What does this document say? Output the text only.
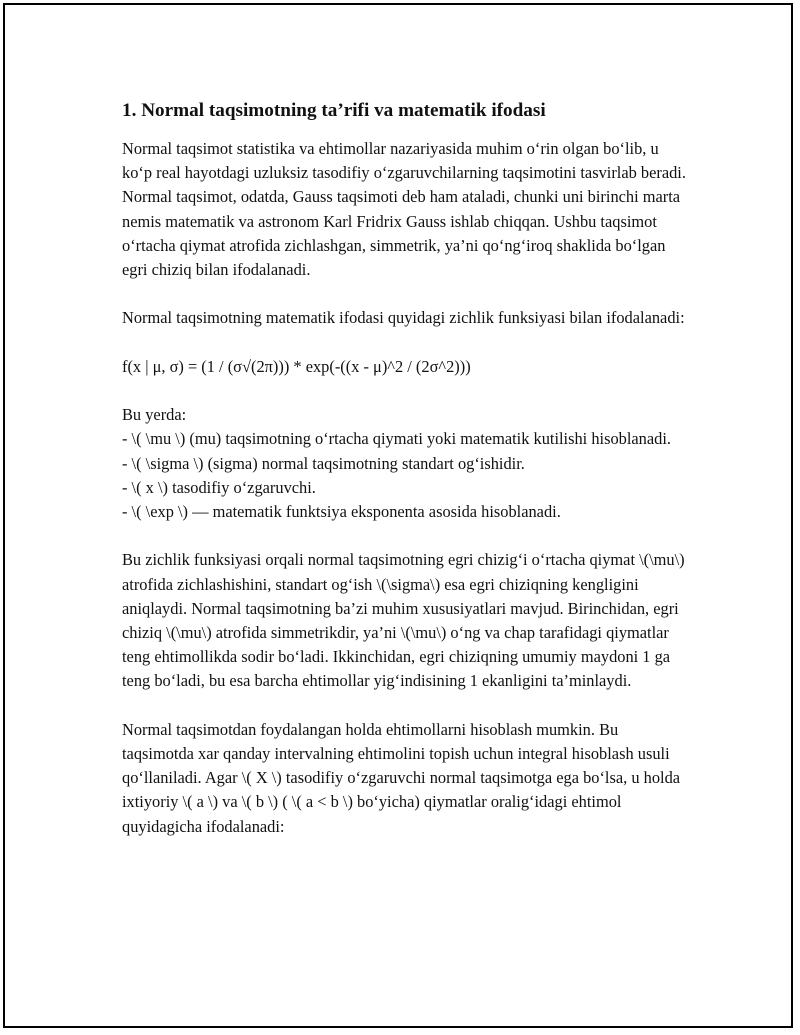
1. Normal taqsimotning ta’rifi va matematik ifodasi

Normal taqsimot statistika va ehtimollar nazariyasida muhim o‘rin olgan bo‘lib, u ko‘p real hayotdagi uzluksiz tasodifiy o‘zgaruvchilarning taqsimotini tasvirlab beradi. Normal taqsimot, odatda, Gauss taqsimoti deb ham ataladi, chunki uni birinchi marta nemis matematik va astronom Karl Fridrix Gauss ishlab chiqqan. Ushbu taqsimot o‘rtacha qiymat atrofida zichlashgan, simmetrik, ya’ni qo‘ng‘iroq shaklida bo‘lgan egri chiziq bilan ifodalanadi.

Normal taqsimotning matematik ifodasi quyidagi zichlik funksiyasi bilan ifodalanadi:

f(x | μ, σ) = (1 / (σ√(2π))) * exp(-((x - μ)^2 / (2σ^2)))
Bu yerda:
- \( \mu \) (mu) taqsimotning o‘rtacha qiymati yoki matematik kutilishi hisoblanadi.
- \( \sigma \) (sigma) normal taqsimotning standart og‘ishidir.
- \( x \) tasodifiy o‘zgaruvchi.
- \( \exp \) — matematik funktsiya eksponenta asosida hisoblanadi.

Bu zichlik funksiyasi orqali normal taqsimotning egri chizig‘i o‘rtacha qiymat \(\mu\) atrofida zichlashishini, standart og‘ish \(\sigma\) esa egri chiziqning kengligini aniqlaydi. Normal taqsimotning ba’zi muhim xususiyatlari mavjud. Birinchidan, egri chiziq \(\mu\) atrofida simmetrikdir, ya’ni \(\mu\) o‘ng va chap tarafidagi qiymatlar teng ehtimollikda sodir bo‘ladi. Ikkinchidan, egri chiziqning umumiy maydoni 1 ga teng bo‘ladi, bu esa barcha ehtimollar yig‘indisining 1 ekanligini ta’minlaydi.

Normal taqsimotdan foydalangan holda ehtimollarni hisoblash mumkin. Bu taqsimotda xar qanday intervalning ehtimolini topish uchun integral hisoblash usuli qo‘llaniladi. Agar \( X \) tasodifiy o‘zgaruvchi normal taqsimotga ega bo‘lsa, u holda ixtiyoriy \( a \) va \( b \) ( \( a < b \) bo‘yicha) qiymatlar oralig‘idagi ehtimol quyidagicha ifodalanadi:
